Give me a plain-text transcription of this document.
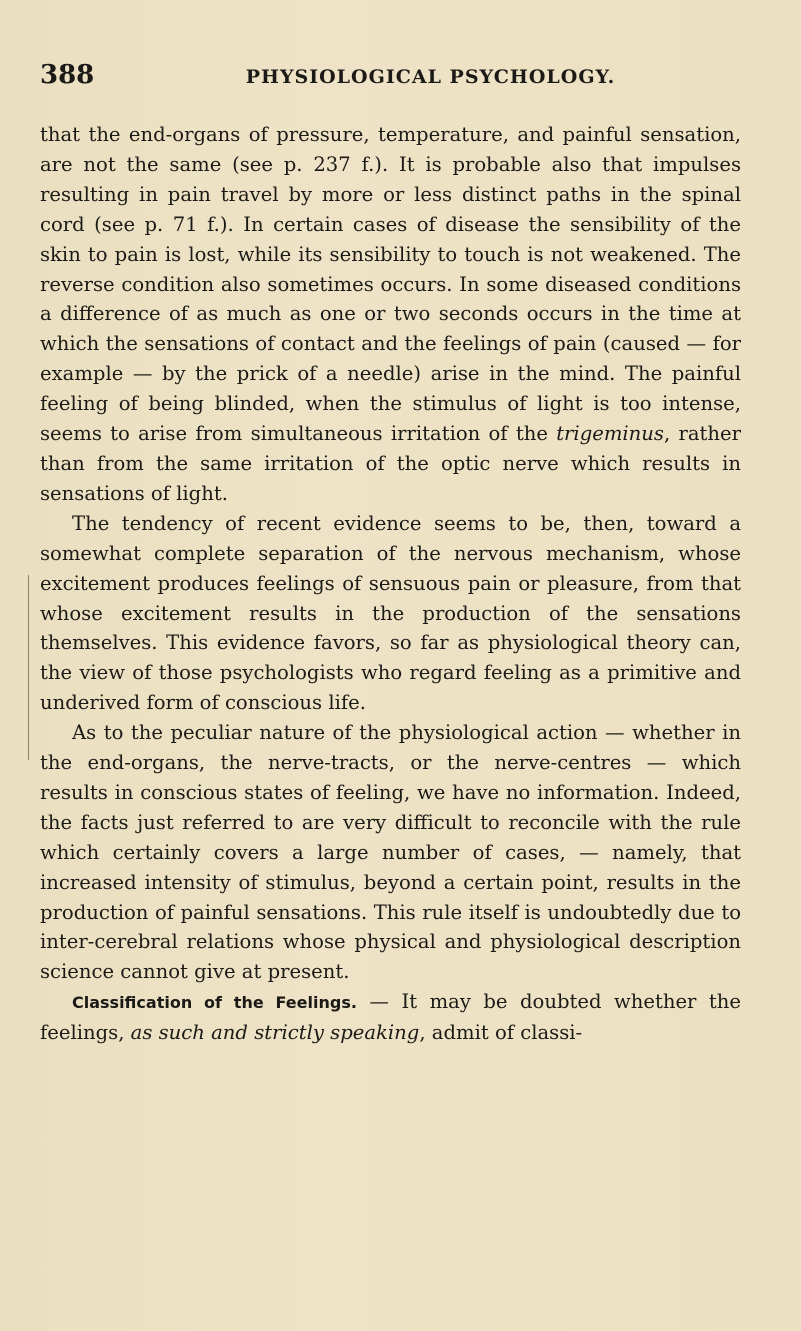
388	PHYSIOLOGICAL PSYCHOLOGY.

that the end-organs of pressure, temperature, and painful sensation, are not the same (see p. 237 f.). It is probable also that impulses resulting in pain travel by more or less distinct paths in the spinal cord (see p. 71 f.). In certain cases of disease the sensibility of the skin to pain is lost, while its sensibility to touch is not weakened. The reverse condition also sometimes occurs. In some diseased conditions a difference of as much as one or two seconds occurs in the time at which the sensations of contact and the feelings of pain (caused — for example — by the prick of a needle) arise in the mind. The painful feeling of being blinded, when the stimulus of light is too intense, seems to arise from simultaneous irritation of the trigeminus, rather than from the same irritation of the optic nerve which results in sensations of light.

The tendency of recent evidence seems to be, then, toward a somewhat complete separation of the nervous mechanism, whose excitement produces feelings of sensuous pain or pleasure, from that whose excitement results in the production of the sensations themselves. This evidence favors, so far as physiological theory can, the view of those psychologists who regard feeling as a primitive and underived form of conscious life.

As to the peculiar nature of the physiological action — whether in the end-organs, the nerve-tracts, or the nerve-centres — which results in conscious states of feeling, we have no information. Indeed, the facts just referred to are very difficult to reconcile with the rule which certainly covers a large number of cases, — namely, that increased intensity of stimulus, beyond a certain point, results in the production of painful sensations. This rule itself is undoubtedly due to inter-cerebral relations whose physical and physiological description science cannot give at present.

Classification of the Feelings. — It may be doubted whether the feelings, as such and strictly speaking, admit of classi-
